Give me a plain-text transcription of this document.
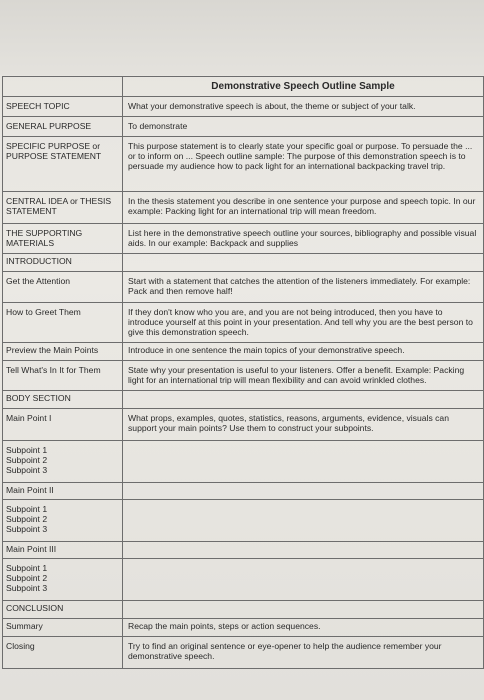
	Demonstrative Speech Outline Sample
SPEECH TOPIC	What your demonstrative speech is about, the theme or subject of your talk.
GENERAL PURPOSE	To demonstrate
SPECIFIC PURPOSE or PURPOSE STATEMENT	This purpose statement is to clearly state your specific goal or purpose. To persuade the ... or to inform on ... Speech outline sample: The purpose of this demonstration speech is to persuade my audience how to pack light for an international backpacking travel trip.
CENTRAL IDEA or THESIS STATEMENT	In the thesis statement you describe in one sentence your purpose and speech topic. In our example: Packing light for an international trip will mean freedom.
THE SUPPORTING MATERIALS	List here in the demonstrative speech outline your sources, bibliography and possible visual aids. In our example: Backpack and supplies
INTRODUCTION	
Get the Attention	Start with a statement that catches the attention of the listeners immediately. For example: Pack and then remove half!
How to Greet Them	If they don't know who you are, and you are not being introduced, then you have to introduce yourself at this point in your presentation. And tell why you are the best person to give this demonstration speech.
Preview the Main Points	Introduce in one sentence the main topics of your demonstrative speech.
Tell What's In It for Them	State why your presentation is useful to your listeners. Offer a benefit. Example: Packing light for an international trip will mean flexibility and can avoid wrinkled clothes.
BODY SECTION	
Main Point I	What props, examples, quotes, statistics, reasons, arguments, evidence, visuals can support your main points? Use them to construct your subpoints.
Subpoint 1
Subpoint 2
Subpoint 3	
Main Point II	
Subpoint 1
Subpoint 2
Subpoint 3	
Main Point III	
Subpoint 1
Subpoint 2
Subpoint 3	
CONCLUSION	
Summary	Recap the main points, steps or action sequences.
Closing	Try to find an original sentence or eye-opener to help the audience remember your demonstrative speech.
